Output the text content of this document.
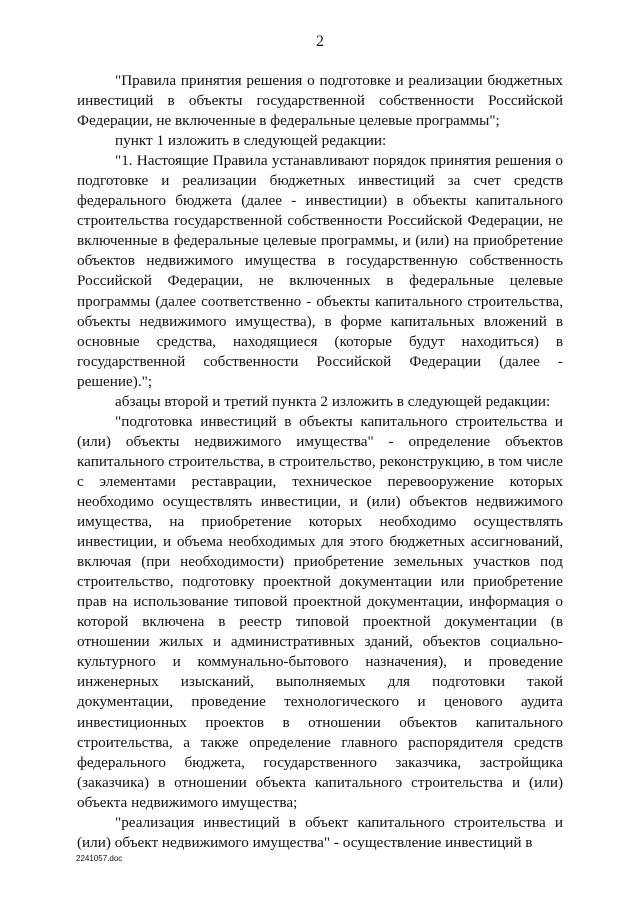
2

"Правила принятия решения о подготовке и реализации бюджетных инвестиций в объекты государственной собственности Российской Федерации, не включенные в федеральные целевые программы";

пункт 1 изложить в следующей редакции:

"1. Настоящие Правила устанавливают порядок принятия решения о подготовке и реализации бюджетных инвестиций за счет средств федерального бюджета (далее - инвестиции) в объекты капитального строительства государственной собственности Российской Федерации, не включенные в федеральные целевые программы, и (или) на приобретение объектов недвижимого имущества в государственную собственность Российской Федерации, не включенных в федеральные целевые программы (далее соответственно - объекты капитального строительства, объекты недвижимого имущества), в форме капитальных вложений в основные средства, находящиеся (которые будут находиться) в государственной собственности Российской Федерации (далее - решение).";

абзацы второй и третий пункта 2 изложить в следующей редакции:

"подготовка инвестиций в объекты капитального строительства и (или) объекты недвижимого имущества" - определение объектов капитального строительства, в строительство, реконструкцию, в том числе с элементами реставрации, техническое перевооружение которых необходимо осуществлять инвестиции, и (или) объектов недвижимого имущества, на приобретение которых необходимо осуществлять инвестиции, и объема необходимых для этого бюджетных ассигнований, включая (при необходимости) приобретение земельных участков под строительство, подготовку проектной документации или приобретение прав на использование типовой проектной документации, информация о которой включена в реестр типовой проектной документации (в отношении жилых и административных зданий, объектов социально-культурного и коммунально-бытового назначения), и проведение инженерных изысканий, выполняемых для подготовки такой документации, проведение технологического и ценового аудита инвестиционных проектов в отношении объектов капитального строительства, а также определение главного распорядителя средств федерального бюджета, государственного заказчика, застройщика (заказчика) в отношении объекта капитального строительства и (или) объекта недвижимого имущества;

"реализация инвестиций в объект капитального строительства и (или) объект недвижимого имущества" - осуществление инвестиций в

2241057.doc
